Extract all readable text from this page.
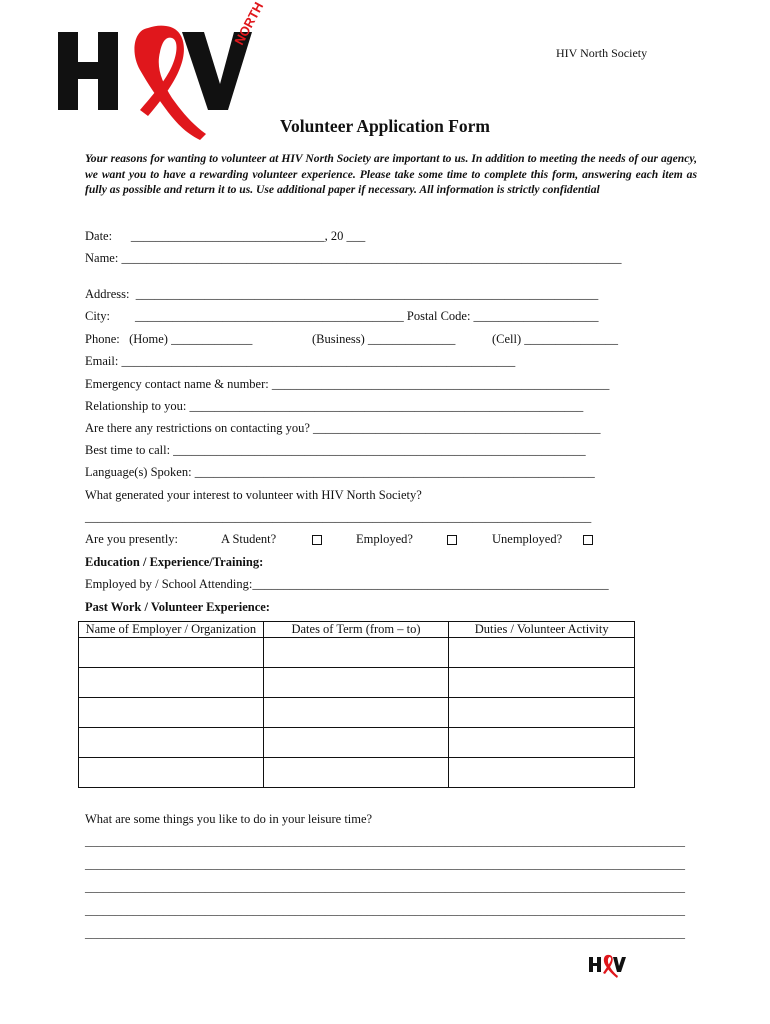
NORTH
HIV North Society
Volunteer Application Form
Your reasons for wanting to volunteer at HIV North Society are important to us. In addition to meeting the needs of our agency, we want you to have a rewarding volunteer experience. Please take some time to complete this form, answering each item as fully as possible and return it to us. Use additional paper if necessary. All information is strictly confidential
Date:      _______________________________, 20 ___
Name: ________________________________________________________________________________
Address:  __________________________________________________________________________
City:        ___________________________________________ Postal Code: ____________________
Phone:   (Home) _____________	(Business) ______________	(Cell) _______________
Email: _______________________________________________________________
Emergency contact name & number: ______________________________________________________
Relationship to you: _______________________________________________________________
Are there any restrictions on contacting you? ______________________________________________
Best time to call: __________________________________________________________________
Language(s) Spoken: ________________________________________________________________
What generated your interest to volunteer with HIV North Society?
_________________________________________________________________________________
Are you presently:	A Student?	Employed?	Unemployed?
Education / Experience/Training:
Employed by / School Attending:_________________________________________________________
Past Work / Volunteer Experience:
Name of Employer / Organization	Dates of Term (from – to)	Duties / Volunteer Activity

What are some things you like to do in your leisure time?
____________________________________________________________________________________________________
____________________________________________________________________________________________________
____________________________________________________________________________________________________
____________________________________________________________________________________________________
____________________________________________________________________________________________________
